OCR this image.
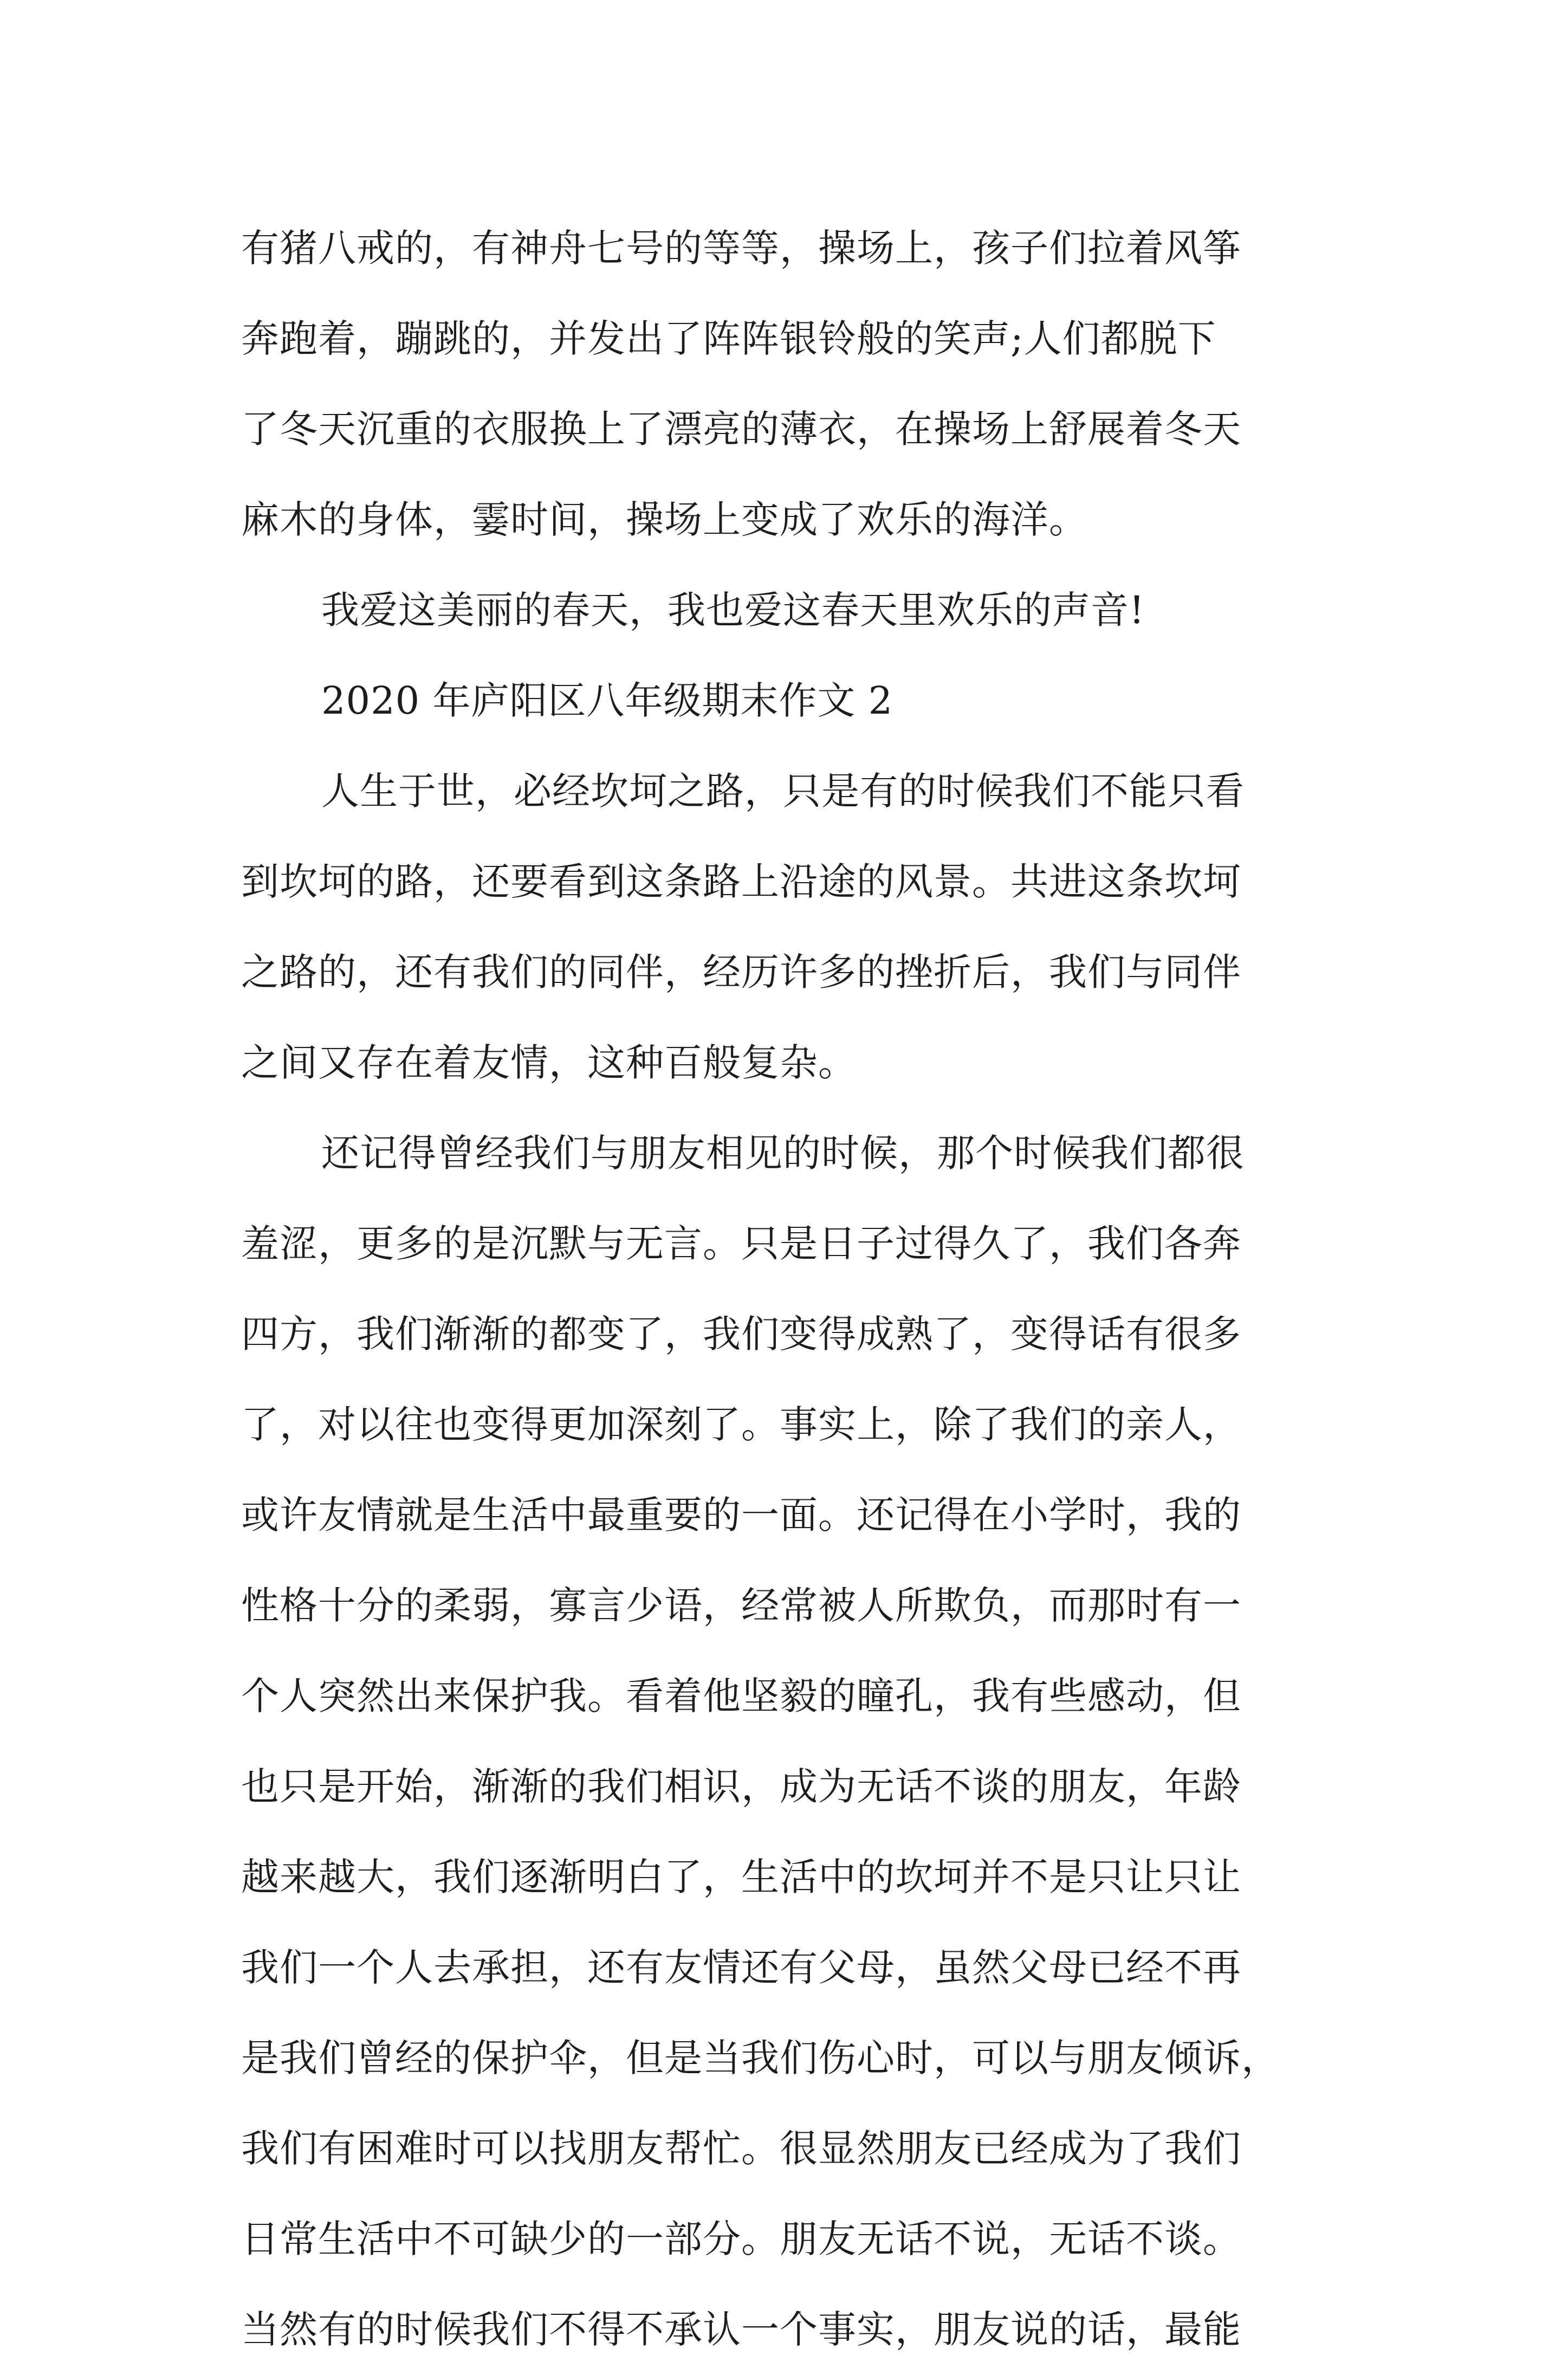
有猪八戒的，有神舟七号的等等，操场上，孩子们拉着风筝
奔跑着，蹦跳的，并发出了阵阵银铃般的笑声;人们都脱下
了冬天沉重的衣服换上了漂亮的薄衣，在操场上舒展着冬天
麻木的身体，霎时间，操场上变成了欢乐的海洋。
我爱这美丽的春天，我也爱这春天里欢乐的声音!
2020 年庐阳区八年级期末作文 2
人生于世，必经坎坷之路，只是有的时候我们不能只看
到坎坷的路，还要看到这条路上沿途的风景。共进这条坎坷
之路的，还有我们的同伴，经历许多的挫折后，我们与同伴
之间又存在着友情，这种百般复杂。
还记得曾经我们与朋友相见的时候，那个时候我们都很
羞涩，更多的是沉默与无言。只是日子过得久了，我们各奔
四方，我们渐渐的都变了，我们变得成熟了，变得话有很多
了，对以往也变得更加深刻了。事实上，除了我们的亲人，
或许友情就是生活中最重要的一面。还记得在小学时，我的
性格十分的柔弱，寡言少语，经常被人所欺负，而那时有一
个人突然出来保护我。看着他坚毅的瞳孔，我有些感动，但
也只是开始，渐渐的我们相识，成为无话不谈的朋友，年龄
越来越大，我们逐渐明白了，生活中的坎坷并不是只让只让
我们一个人去承担，还有友情还有父母，虽然父母已经不再
是我们曾经的保护伞，但是当我们伤心时，可以与朋友倾诉，
我们有困难时可以找朋友帮忙。很显然朋友已经成为了我们
日常生活中不可缺少的一部分。朋友无话不说，无话不谈。
当然有的时候我们不得不承认一个事实，朋友说的话，最能
